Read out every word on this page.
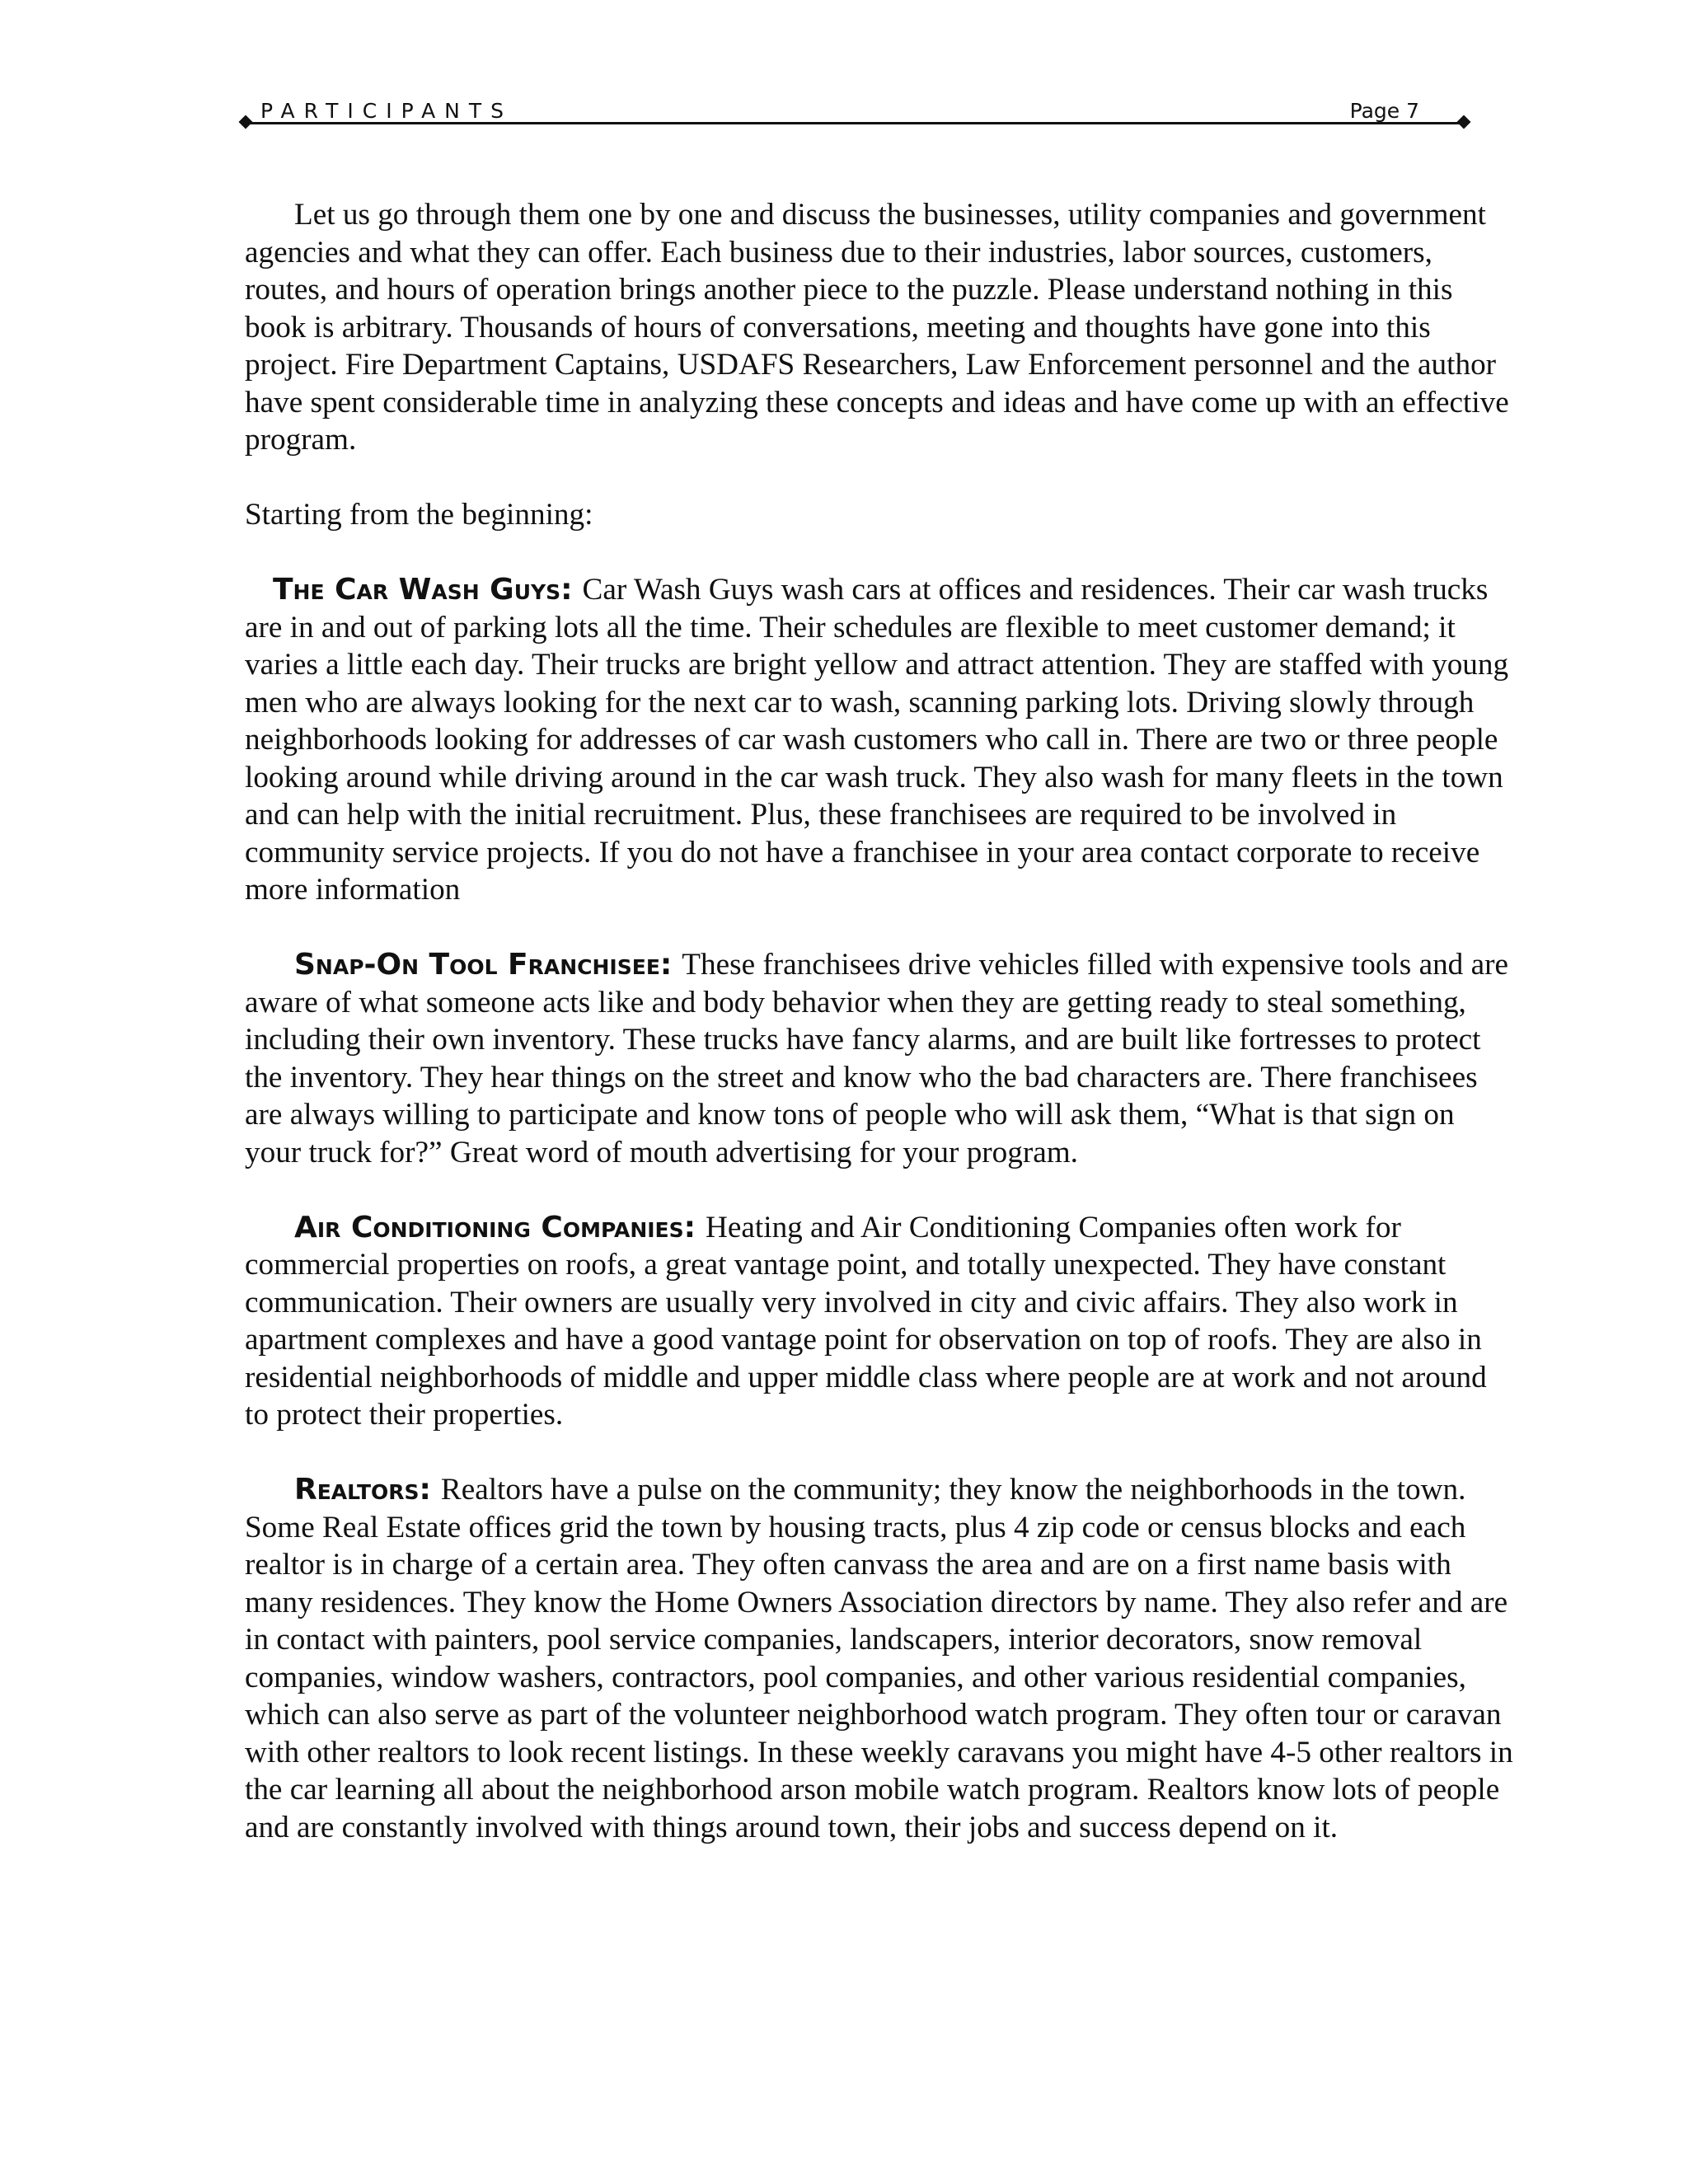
PARTICIPANTS	Page 7

Let us go through them one by one and discuss the businesses, utility companies and government agencies and what they can offer. Each business due to their industries, labor sources, customers, routes, and hours of operation brings another piece to the puzzle. Please understand nothing in this book is arbitrary. Thousands of hours of conversations, meeting and thoughts have gone into this project. Fire Department Captains, USDAFS Researchers, Law Enforcement personnel and the author have spent considerable time in analyzing these concepts and ideas and have come up with an effective program.

Starting from the beginning:

The Car Wash Guys: Car Wash Guys wash cars at offices and residences. Their car wash trucks are in and out of parking lots all the time. Their schedules are flexible to meet customer demand; it varies a little each day. Their trucks are bright yellow and attract attention. They are staffed with young men who are always looking for the next car to wash, scanning parking lots. Driving slowly through neighborhoods looking for addresses of car wash customers who call in. There are two or three people looking around while driving around in the car wash truck. They also wash for many fleets in the town and can help with the initial recruitment. Plus, these franchisees are required to be involved in community service projects. If you do not have a franchisee in your area contact corporate to receive more information

Snap-On Tool Franchisee: These franchisees drive vehicles filled with expensive tools and are aware of what someone acts like and body behavior when they are getting ready to steal something, including their own inventory. These trucks have fancy alarms, and are built like fortresses to protect the inventory. They hear things on the street and know who the bad characters are. There franchisees are always willing to participate and know tons of people who will ask them, “What is that sign on your truck for?” Great word of mouth advertising for your program.

Air Conditioning Companies: Heating and Air Conditioning Companies often work for commercial properties on roofs, a great vantage point, and totally unexpected. They have constant communication. Their owners are usually very involved in city and civic affairs. They also work in apartment complexes and have a good vantage point for observation on top of roofs. They are also in residential neighborhoods of middle and upper middle class where people are at work and not around to protect their properties.

Realtors: Realtors have a pulse on the community; they know the neighborhoods in the town. Some Real Estate offices grid the town by housing tracts, plus 4 zip code or census blocks and each realtor is in charge of a certain area. They often canvass the area and are on a first name basis with many residences. They know the Home Owners Association directors by name. They also refer and are in contact with painters, pool service companies, landscapers, interior decorators, snow removal companies, window washers, contractors, pool companies, and other various residential companies, which can also serve as part of the volunteer neighborhood watch program. They often tour or caravan with other realtors to look recent listings. In these weekly caravans you might have 4-5 other realtors in the car learning all about the neighborhood arson mobile watch program. Realtors know lots of people and are constantly involved with things around town, their jobs and success depend on it.
